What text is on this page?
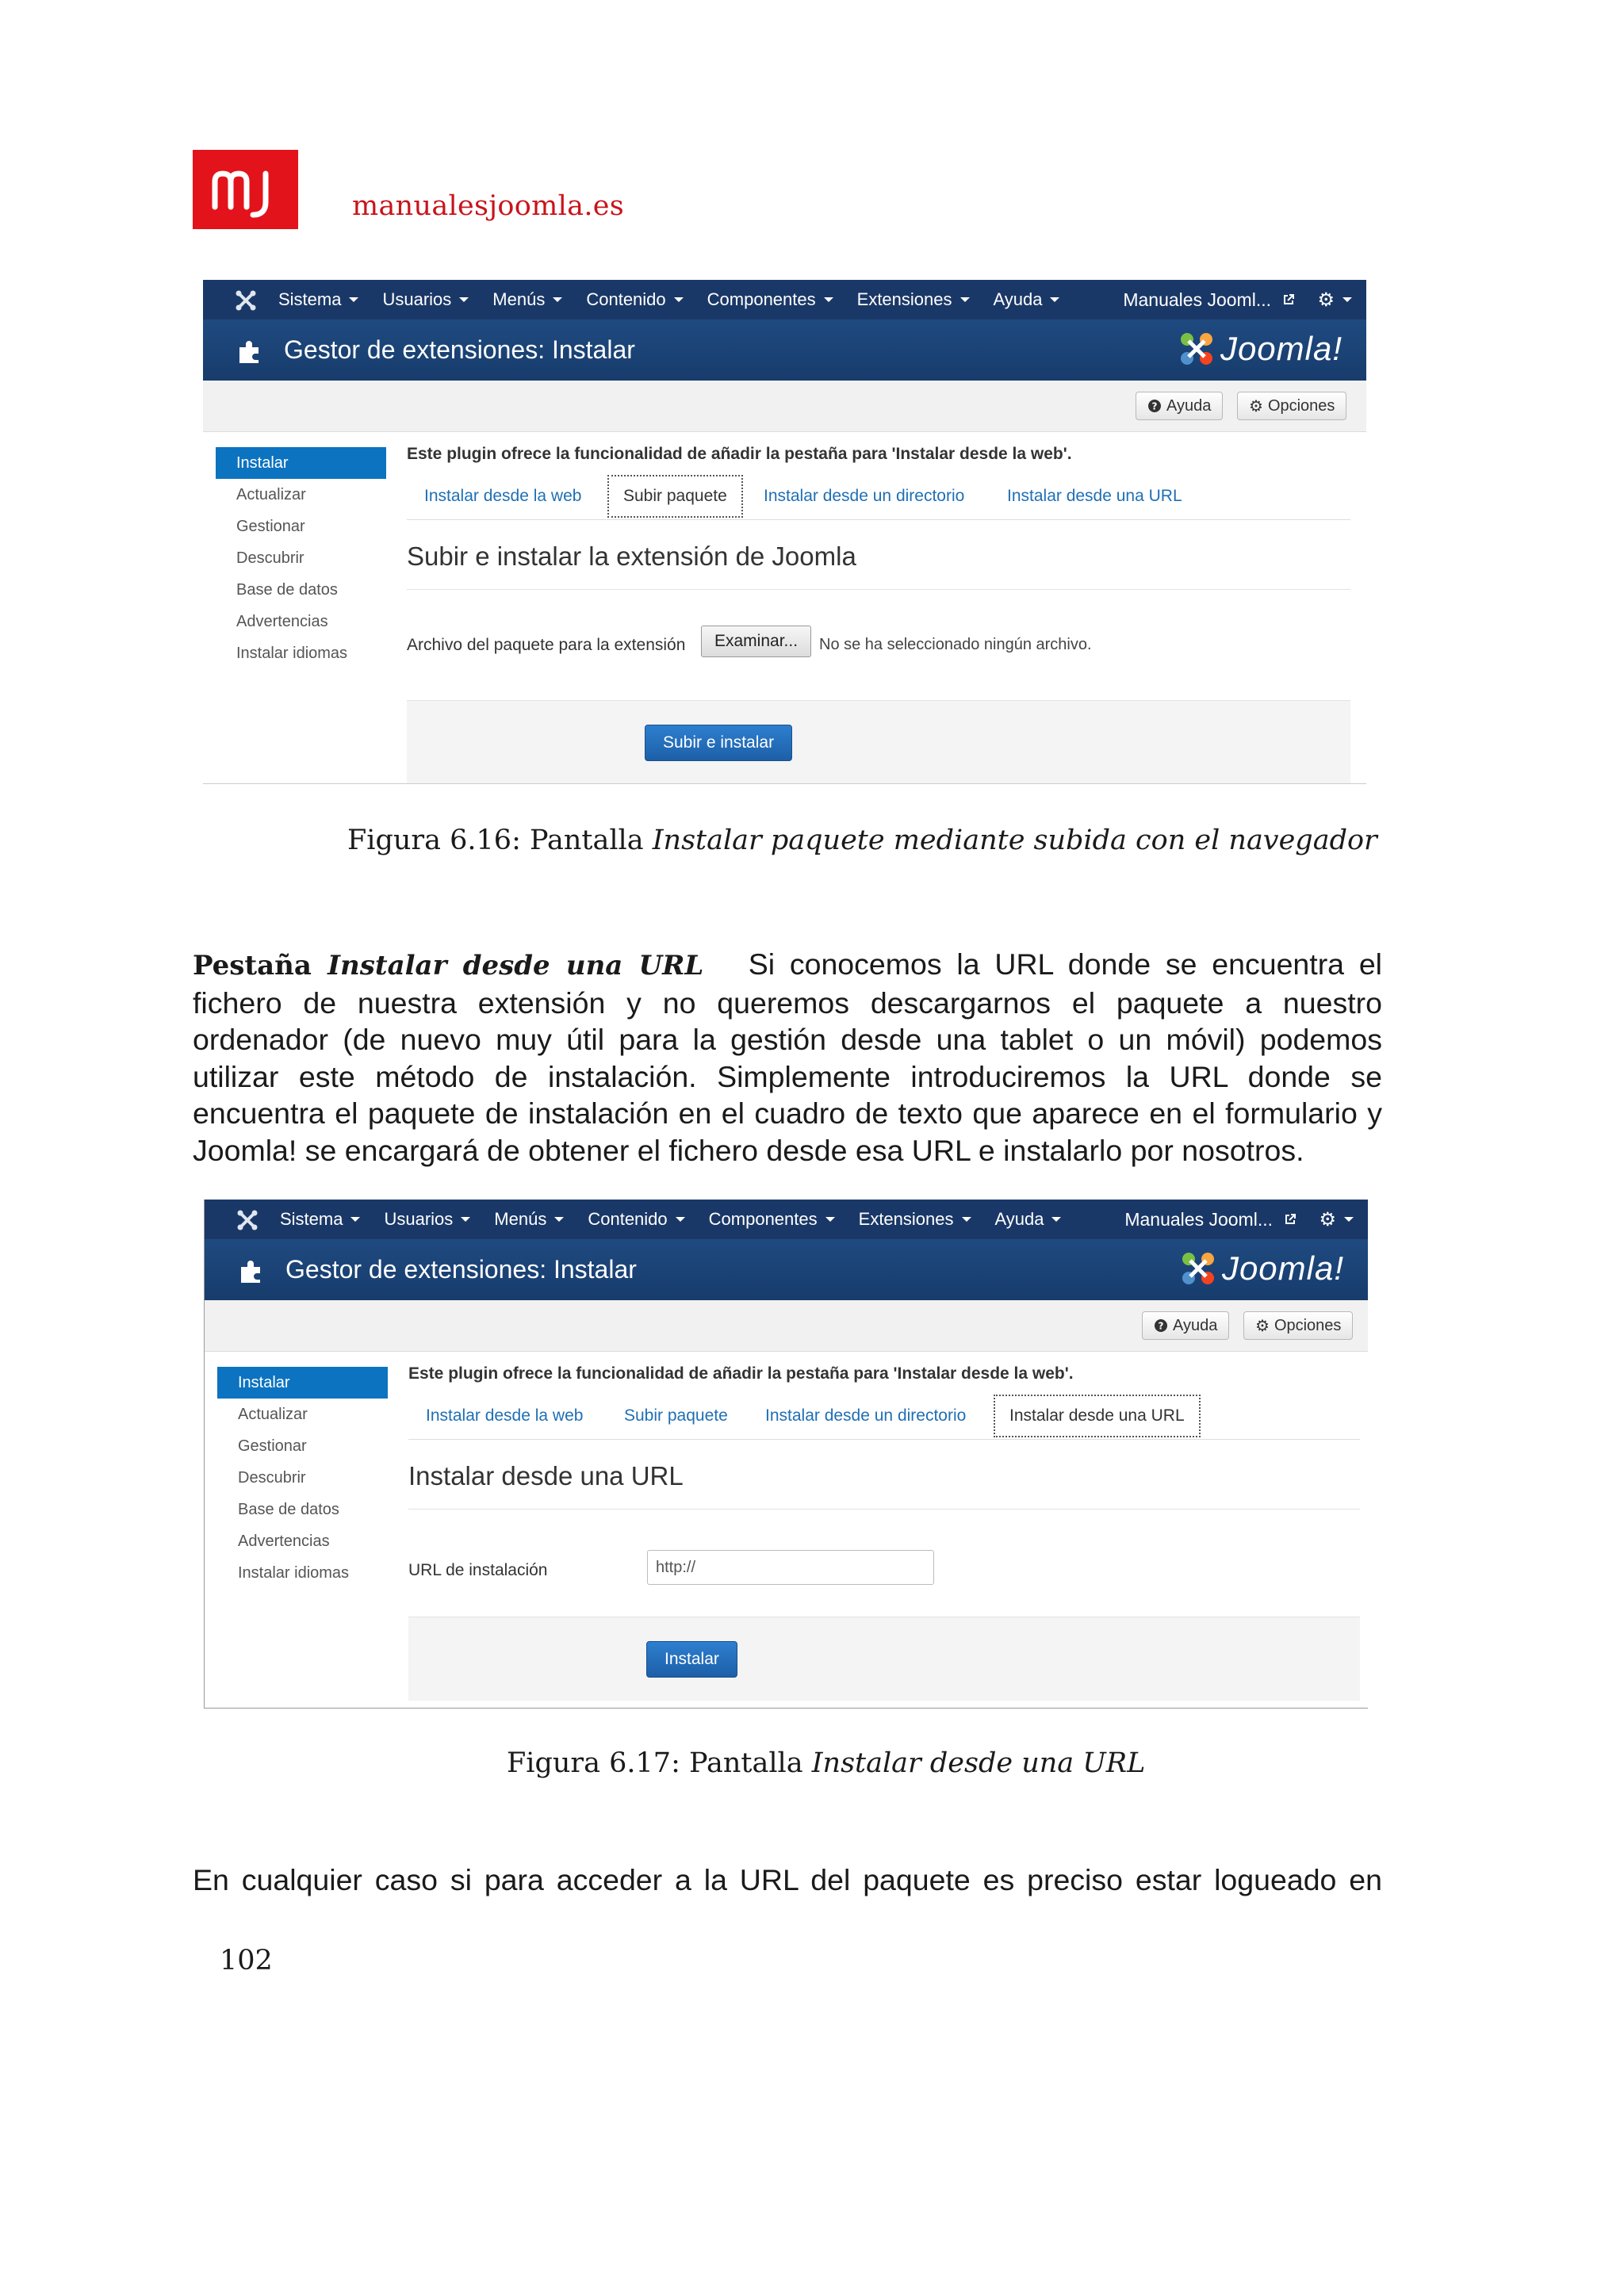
manualesjoomla.es
Sistema Usuarios Menús Contenido Componentes Extensiones Ayuda	Manuales Jooml... ⚙
Gestor de extensiones: Instalar	Joomla!
? Ayuda ⚙ Opciones
Instalar
Actualizar
Gestionar
Descubrir
Base de datos
Advertencias
Instalar idiomas
Este plugin ofrece la funcionalidad de añadir la pestaña para 'Instalar desde la web'.
Instalar desde la web	Subir paquete	Instalar desde un directorio	Instalar desde una URL
Subir e instalar la extensión de Joomla
Archivo del paquete para la extensión	Examinar...	No se ha seleccionado ningún archivo.
Subir e instalar
Figura 6.16: Pantalla Instalar paquete mediante subida con el navegador
Pestaña Instalar desde una URL Si conocemos la URL donde se encuentra el fichero de nuestra extensión y no queremos descargarnos el paquete a nuestro ordenador (de nuevo muy útil para la gestión desde una tablet o un móvil) podemos utilizar este método de instalación. Simplemente introduciremos la URL donde se encuentra el paquete de instalación en el cuadro de texto que aparece en el formulario y Joomla! se encargará de obtener el fichero desde esa URL e instalarlo por nosotros.
Sistema Usuarios Menús Contenido Componentes Extensiones Ayuda	Manuales Jooml... ⚙
Gestor de extensiones: Instalar	Joomla!
? Ayuda ⚙ Opciones
Instalar
Actualizar
Gestionar
Descubrir
Base de datos
Advertencias
Instalar idiomas
Este plugin ofrece la funcionalidad de añadir la pestaña para 'Instalar desde la web'.
Instalar desde la web Subir paquete Instalar desde un directorio	Instalar desde una URL
Instalar desde una URL
URL de instalación	http://
Instalar
Figura 6.17: Pantalla Instalar desde una URL
En cualquier caso si para acceder a la URL del paquete es preciso estar logueado en
102
